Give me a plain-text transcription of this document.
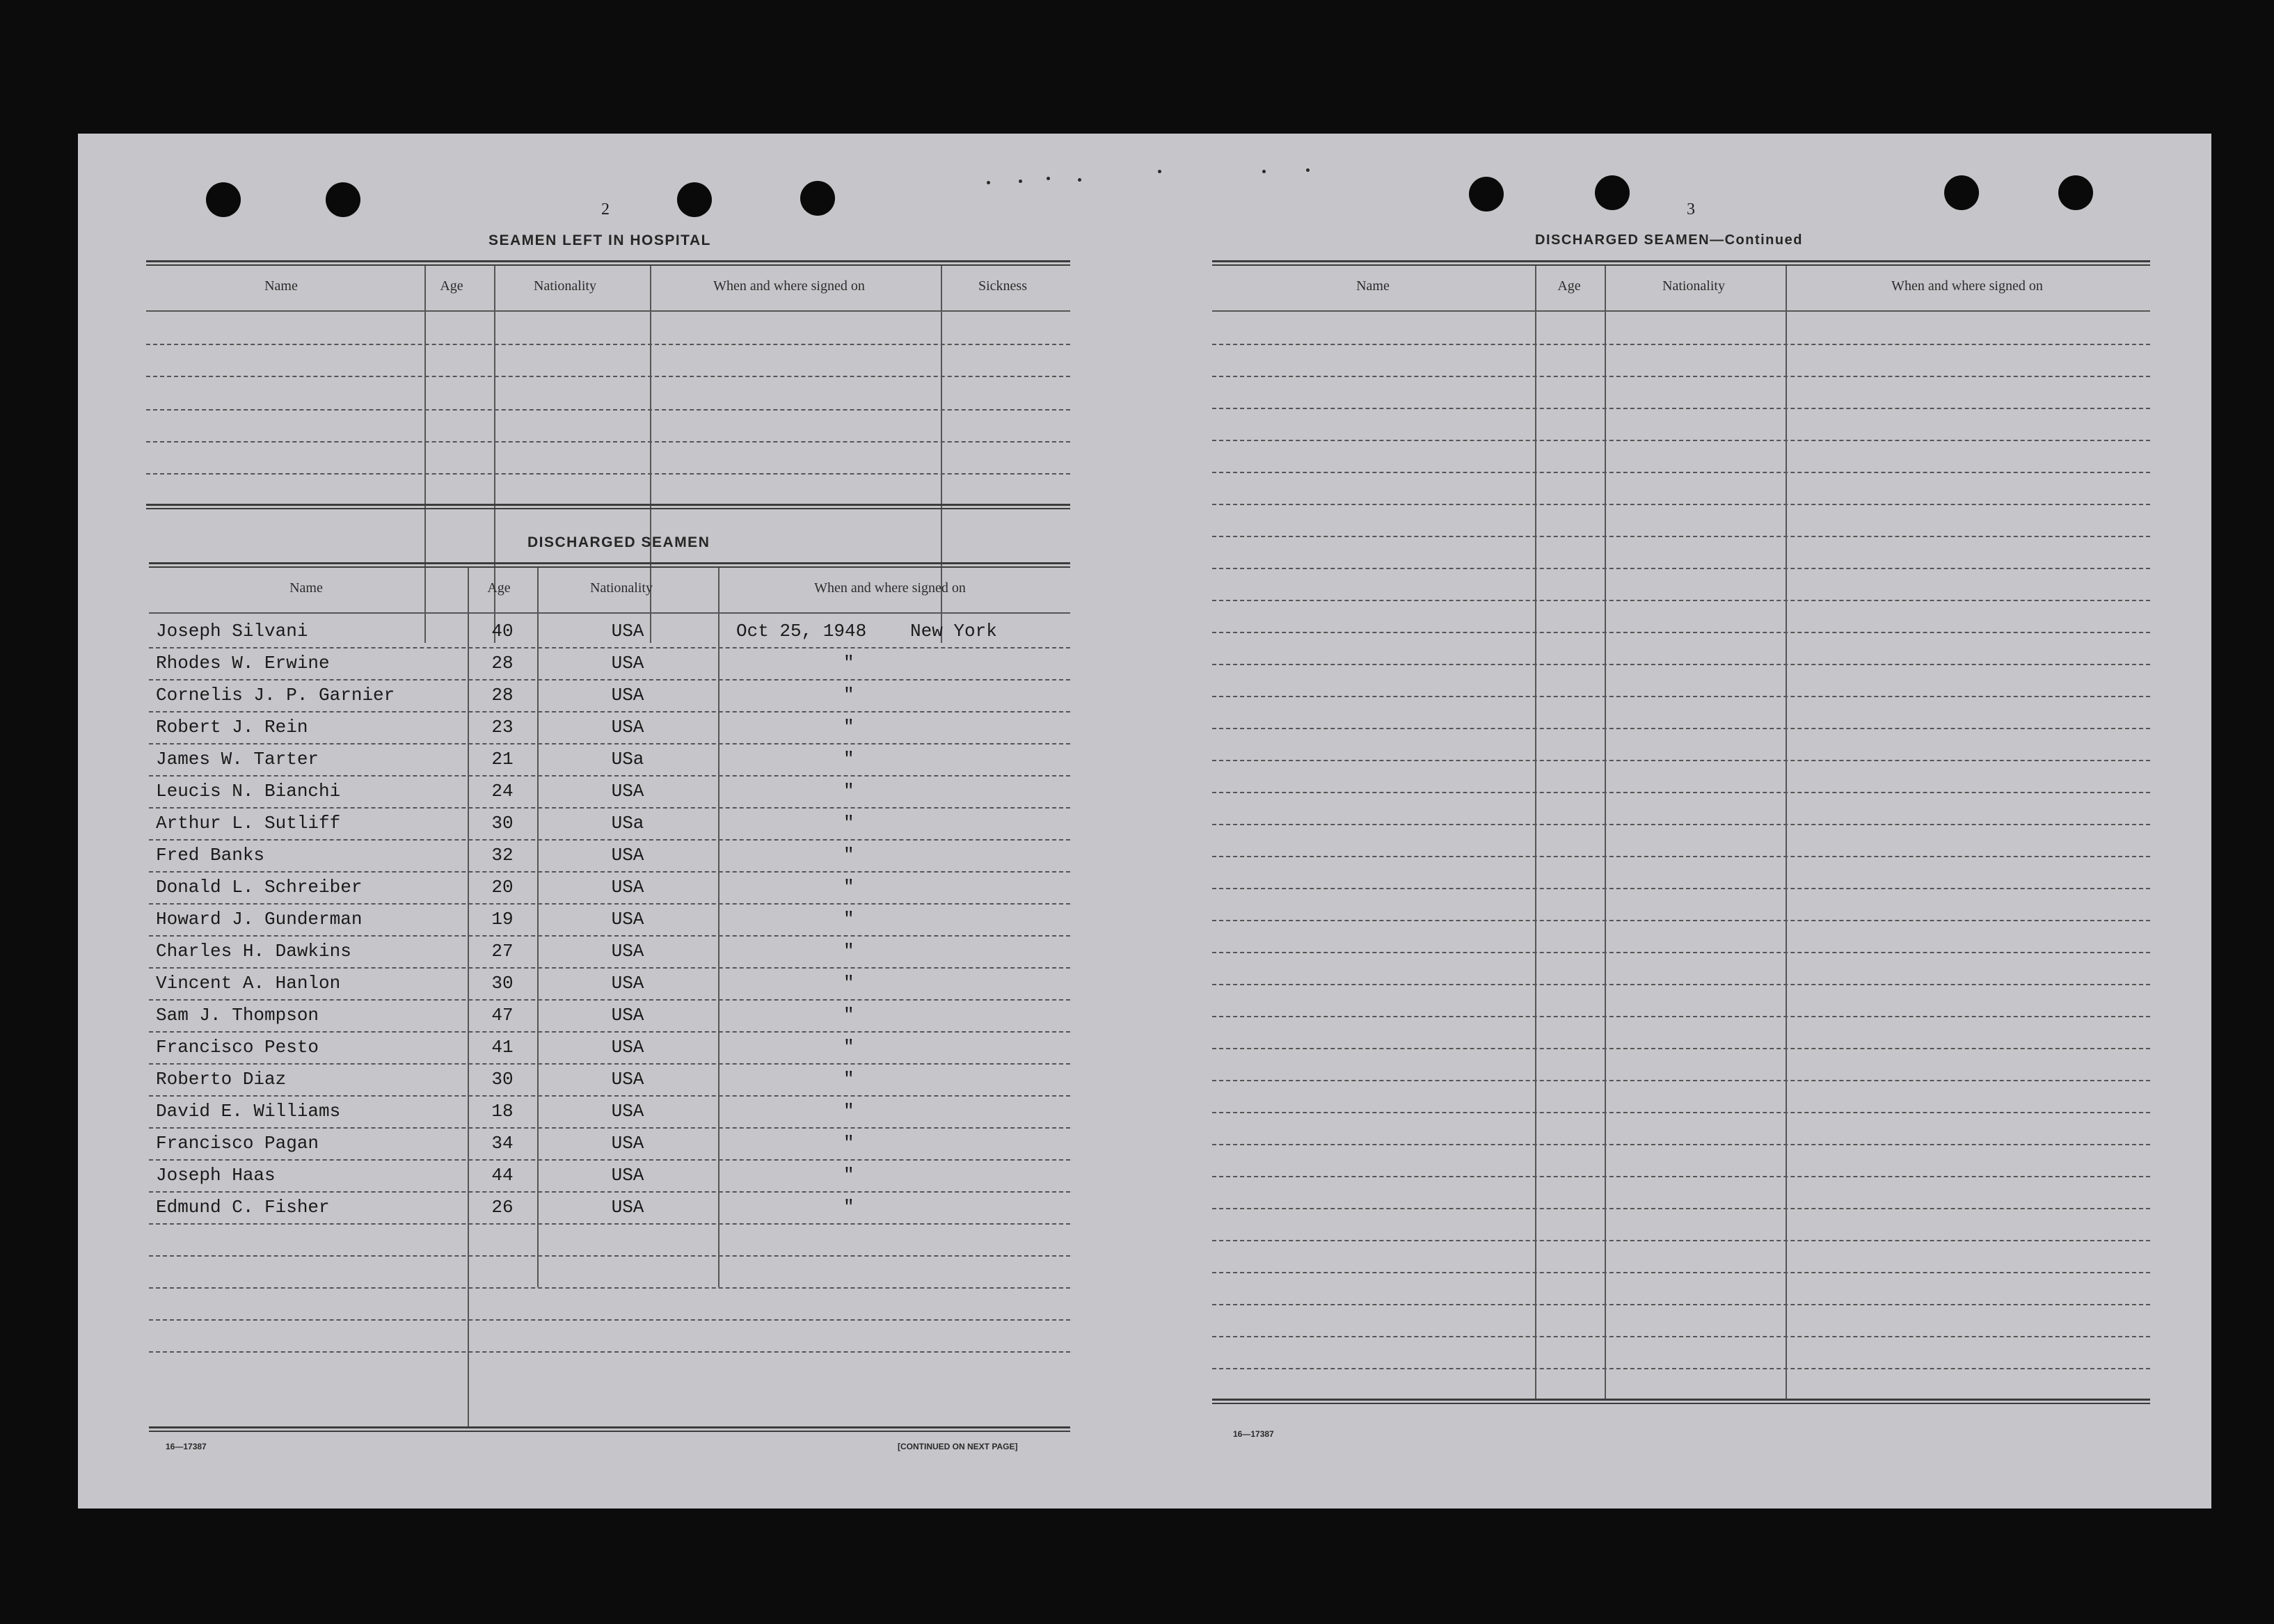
2
SEAMEN LEFT IN HOSPITAL
Name	Age	Nationality	When and where signed on	Sickness
DISCHARGED SEAMEN
Name	Age	Nationality	When and where signed on
Joseph Silvani	40	USA	Oct 25, 1948 New York
Rhodes W. Erwine	28	USA	"
Cornelis J. P. Garnier	28	USA	"
Robert J. Rein	23	USA	"
James W. Tarter	21	USa	"
Leucis N. Bianchi	24	USA	"
Arthur L. Sutliff	30	USa	"
Fred Banks	32	USA	"
Donald L. Schreiber	20	USA	"
Howard J. Gunderman	19	USA	"
Charles H. Dawkins	27	USA	"
Vincent A. Hanlon	30	USA	"
Sam J. Thompson	47	USA	"
Francisco Pesto	41	USA	"
Roberto Diaz	30	USA	"
David E. Williams	18	USA	"
Francisco Pagan	34	USA	"
Joseph Haas	44	USA	"
Edmund C. Fisher	26	USA	"
16—17387	[CONTINUED ON NEXT PAGE]
3
DISCHARGED SEAMEN—Continued
Name	Age	Nationality	When and where signed on
16—17387
